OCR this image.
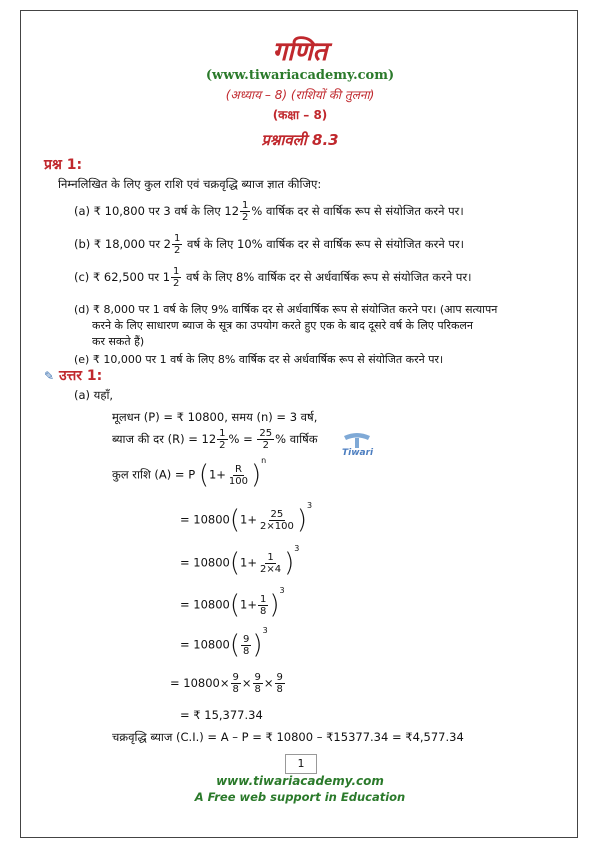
गणित
(www.tiwariacademy.com)
(अध्याय – 8) (राशियों की तुलना)
(कक्षा – 8)
प्रश्नावली 8.3
प्रश्न 1:
निम्नलिखित के लिए कुल राशि एवं चक्रवृद्धि ब्याज ज्ञात कीजिए:
(a) ₹ 10,800 पर 3 वर्ष के लिए $12 \frac{1}{2}$ % वार्षिक दर से वार्षिक रूप से संयोजित करने पर।
(b) ₹ 18,000 पर $2 \frac{1}{2}$ वर्ष के लिए 10% वार्षिक दर से वार्षिक रूप से संयोजित करने पर।
(c) ₹ 62,500 पर $1 \frac{1}{2}$ वर्ष के लिए 8% वार्षिक दर से अर्धवार्षिक रूप से संयोजित करने पर।
(d) ₹ 8,000 पर 1 वर्ष के लिए 9% वार्षिक दर से अर्धवार्षिक रूप से संयोजित करने पर। (आप सत्यापन
करने के लिए साधारण ब्याज के सूत्र का उपयोग करते हुए एक के बाद दूसरे वर्ष के लिए परिकलन
कर सकते हैं)
(e) ₹ 10,000 पर 1 वर्ष के लिए 8% वार्षिक दर से अर्धवार्षिक रूप से संयोजित करने पर।
✎ उत्तर 1:
(a) यहाँ,
मूलधन (P) = ₹ 10800, समय (n) = 3 वर्ष,
ब्याज की दर $(R) = 12 \frac{1}{2}$ % = $\frac{25}{2}$ % वार्षिक
Tiwari
कुल राशि (A) = P $(1+ \frac{R}{100} )^n$
= $10800(1+ \frac{25}{2\times 100} )^3$
= $10800(1+ \frac{1}{2\times 4} )^3$
= $10800(1+ \frac{1}{8} )^3$
= $10800( \frac{9}{8} )^3$
= $10800\times \frac{9}{8} \times \frac{9}{8} \times \frac{9}{8}$
= ₹ 15,377.34
चक्रवृद्धि ब्याज (C.I.) = A – P = ₹ 10800 – ₹15377.34 = ₹4,577.34
1
www.tiwariacademy.com
A Free web support in Education
